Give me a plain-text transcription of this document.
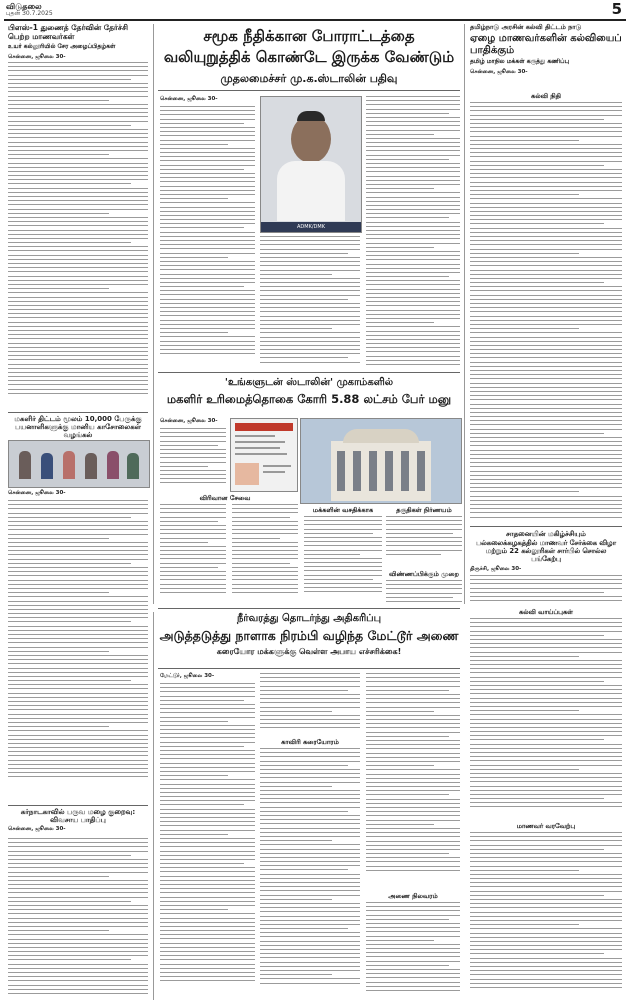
விடுதலை
புதன் 30.7.2025	5
பிளஸ்-1 துணைத் தேர்வின் தேர்ச்சி பெற்ற மாணவர்கள்
உயர் கல்லூரியில் சேர அழைப்பிதழ்கள்
சென்னை, ஜூலை 30-
மகளிர் திட்டம் மூலம் 10,000 பேருக்கு பயனாளிகளுக்கு மானிய காசோலைகள் வழங்கல்
சென்னை, ஜூலை 30-
கர்நாடகாவில் பருவ மழை குறைவு: விவசாய பாதிப்பு
சென்னை, ஜூலை 30-
சமூக நீதிக்கான போராட்டத்தை
வலியுறுத்திக் கொண்டே இருக்க வேண்டும்
முதலமைச்சர் மு.க.ஸ்டாலின் பதிவு
சென்னை, ஜூலை 30-
ADMK/DMK
'உங்களுடன் ஸ்டாலின்' முகாம்களில்
மகளிர் உரிமைத்தொகை கோரி 5.88 லட்சம் பேர் மனு
சென்னை, ஜூலை 30-
விரிவான சேவை
மக்களின் வசதிக்காக	தகுதிகள் நிர்ணயம்
விண்ணப்பிக்கும் முறை
தமிழ்நாடு அரசின் கல்வி திட்டம் நாடு
ஏழை மாணவர்களின் கல்வியைப் பாதிக்கும்
தமிழ் மாநில மக்கள் கருத்து கணிப்பு
சென்னை, ஜூலை 30-
கல்வி நிதி
சாதனையின் மகிழ்ச்சியும்
பல்கலைக்கழகத்தில் மாணவர் சேர்க்கை விழா மற்றும் 22 கல்லூரிகள் சார்பில் சொல்ல பங்கேற்பு
திருச்சி, ஜூலை 30-
கல்வி வாய்ப்புகள்
மாணவர் வரவேற்பு
நீர்வரத்து தொடர்ந்து அதிகரிப்பு
அடுத்தடுத்து நாளாக நிரம்பி வழிந்த மேட்டூர் அணை
கரையோர மக்களுக்கு வெள்ள அபாய எச்சரிக்கை!
மேட்டூர், ஜூலை 30-
காவிரி கரையோரம்
அணை நிலவரம்
